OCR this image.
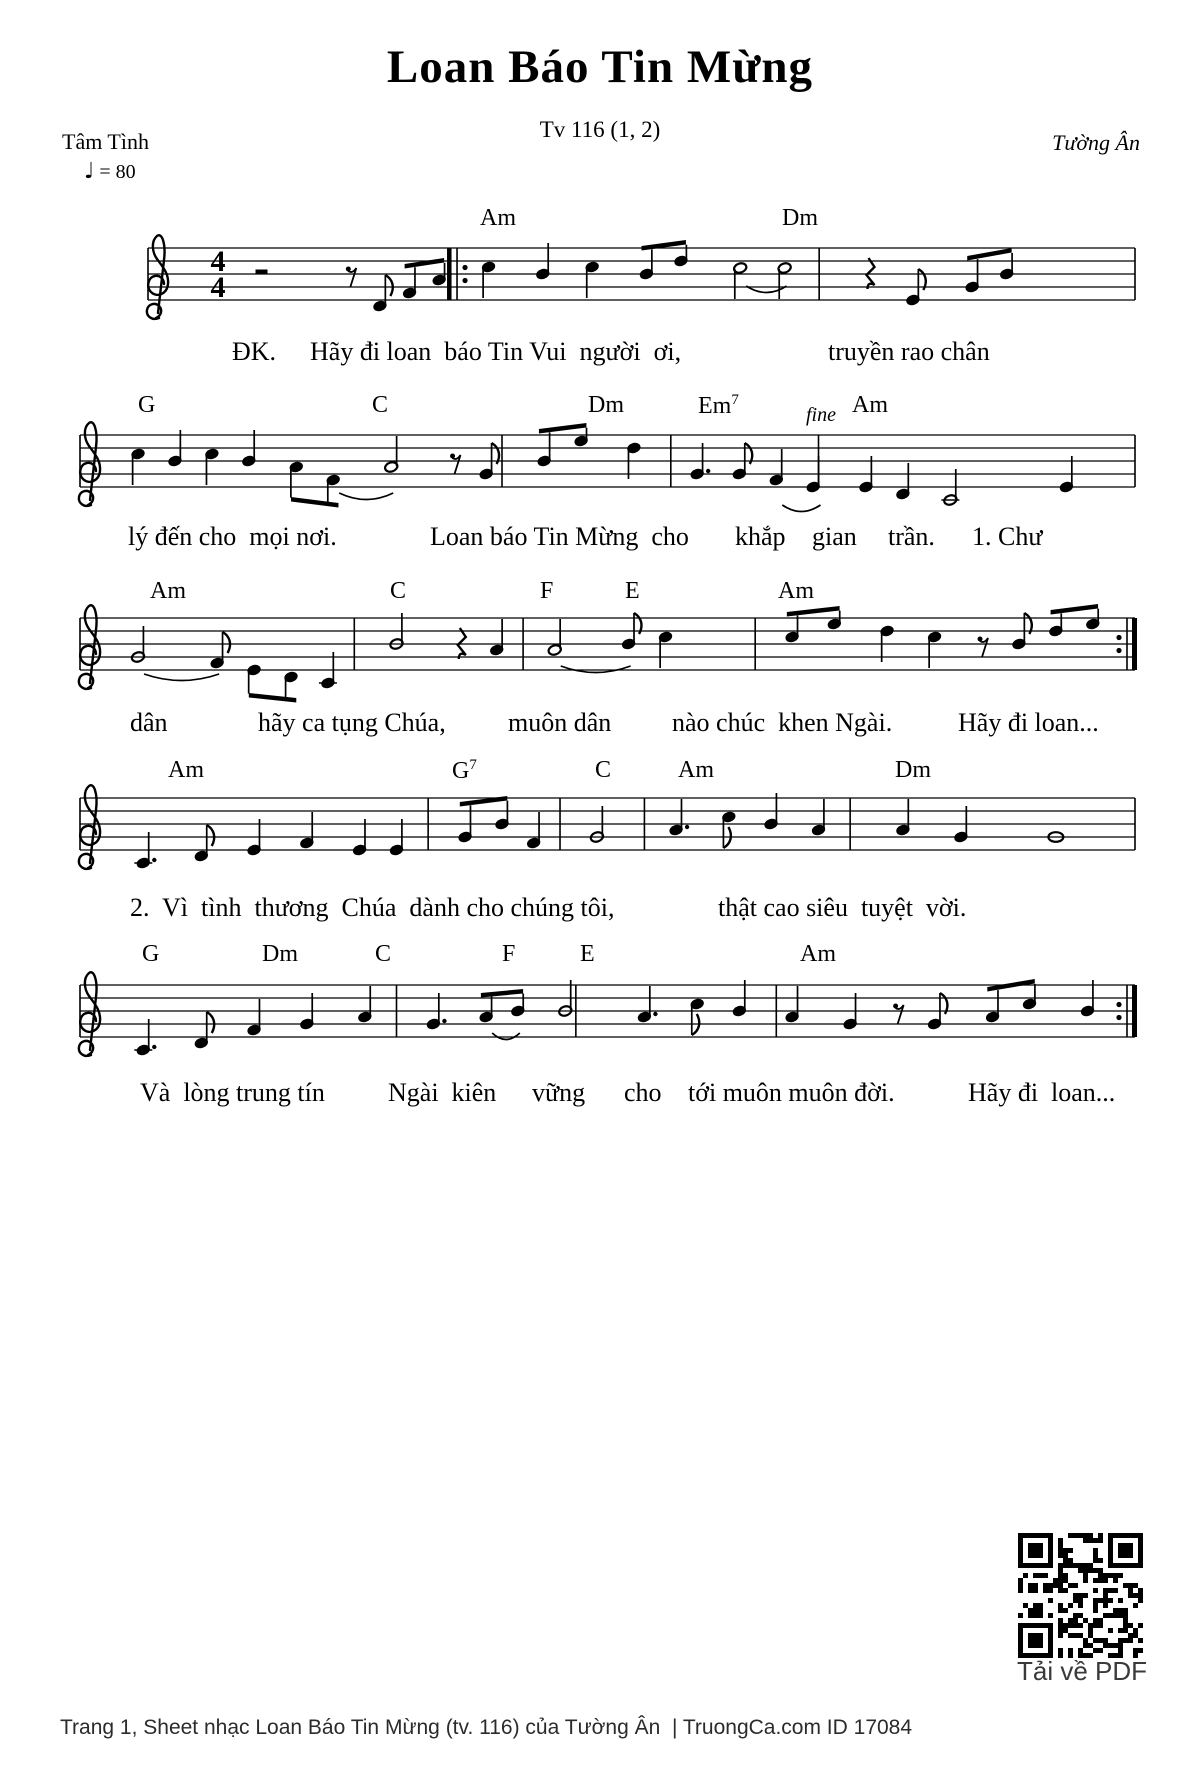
Loan Báo Tin Mừng
Tv 116 (1, 2)
Tâm Tình	Tường Ân
♩ = 80
4
4
Am	Dm
G	C	Dm	Em$^7$
fine Am
Am	C	F	E	Am
Am	$G^7$	C	Am	Dm
G	Dm	C	F	E	Am
ĐK. Hãy đi loan  báo Tin Vui  người  ơi,	truyền rao chân
lý đến cho  mọi nơi.	Loan báo Tin Mừng  cho khắp gian trần. 1. Chư
dân	hãy ca tụng Chúa, muôn dân nào chúc  khen Ngài.	Hãy đi loan...
2.  Vì  tình  thương  Chúa  dành cho chúng tôi,	thật cao siêu  tuyệt  vời.
Và  lòng trung tín Ngài  kiên vững cho tới muôn muôn đời.	Hãy đi  loan...
Tải về PDF
Trang 1, Sheet nhạc Loan Báo Tin Mừng (tv. 116) của Tường Ân  | TruongCa.com ID 17084
